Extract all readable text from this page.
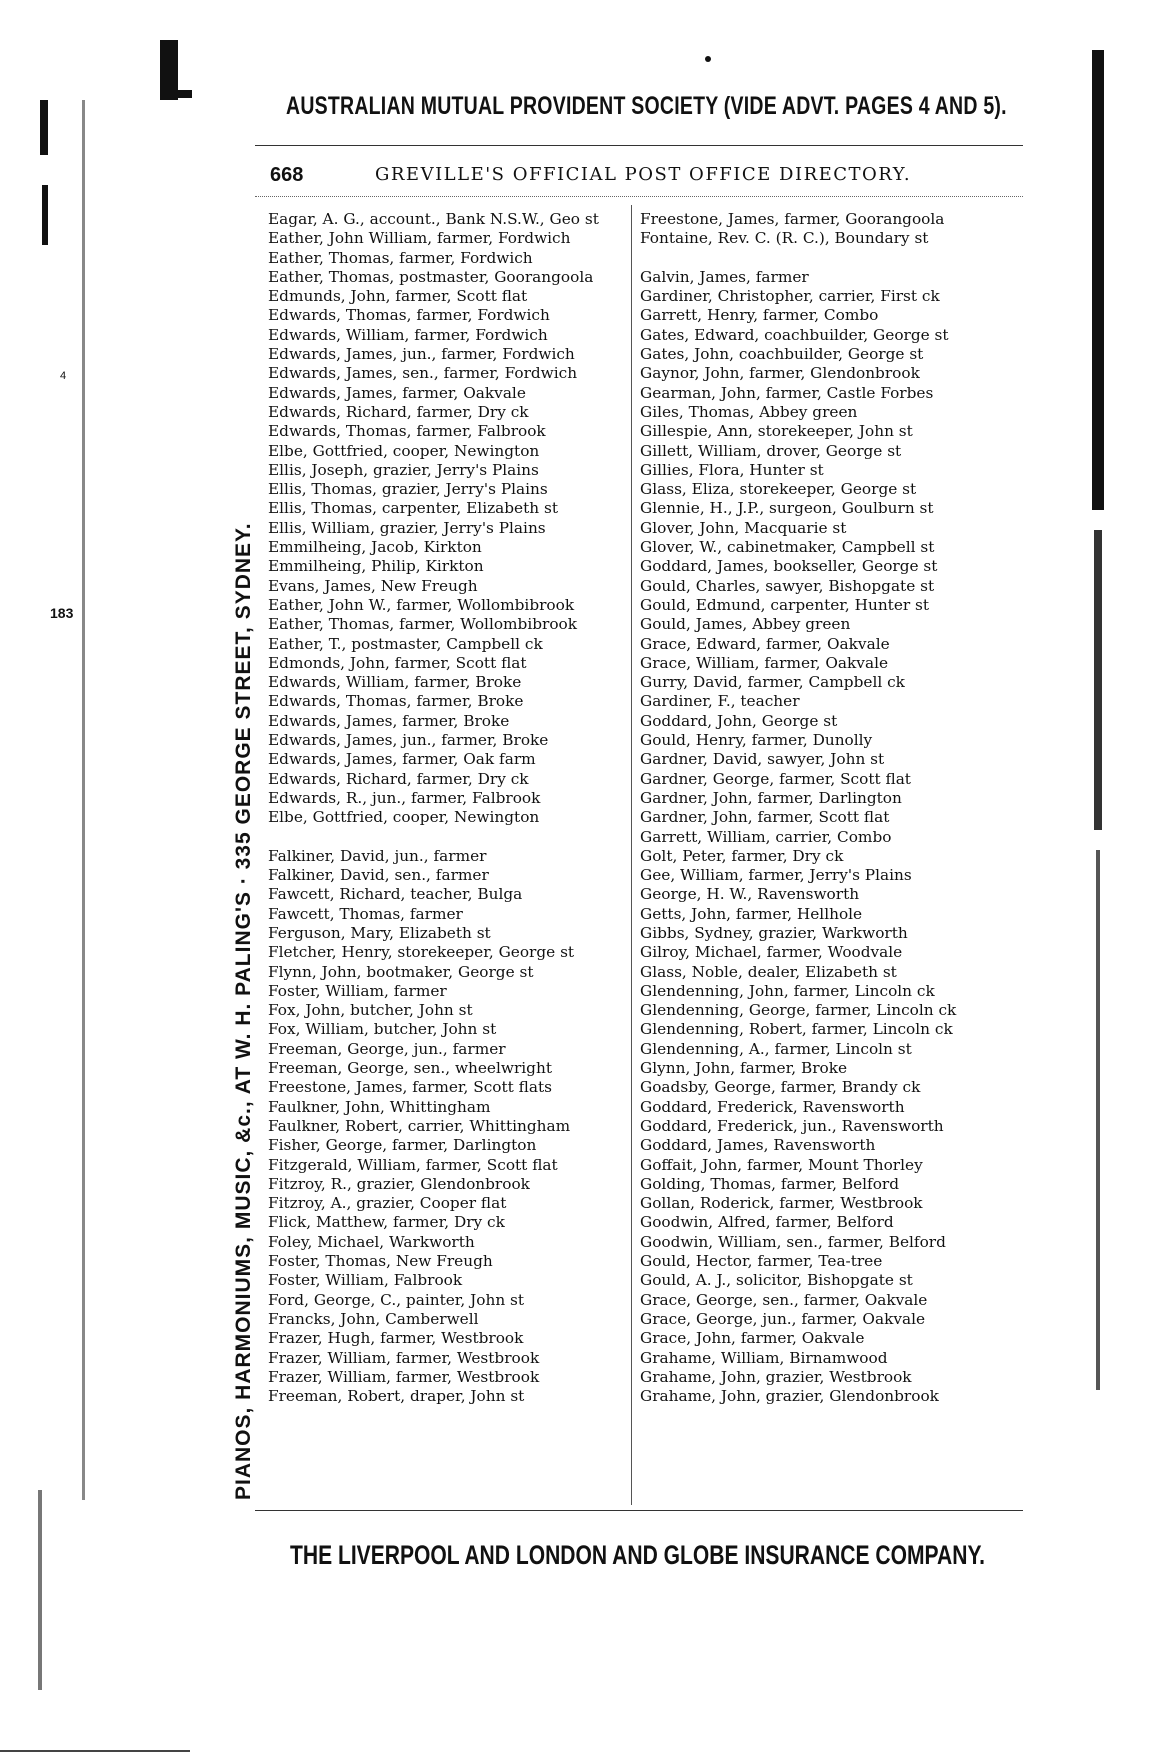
183
4
AUSTRALIAN MUTUAL PROVIDENT SOCIETY (VIDE ADVT. PAGES 4 AND 5).
668	GREVILLE'S OFFICIAL POST OFFICE DIRECTORY.
PIANOS, HARMONIUMS, MUSIC, &c., AT W. H. PALING'S · 335 GEORGE STREET, SYDNEY.
Eagar, A. G., account., Bank N.S.W., Geo st
Eather, John William, farmer, Fordwich
Eather, Thomas, farmer, Fordwich
Eather, Thomas, postmaster, Goorangoola
Edmunds, John, farmer, Scott flat
Edwards, Thomas, farmer, Fordwich
Edwards, William, farmer, Fordwich
Edwards, James, jun., farmer, Fordwich
Edwards, James, sen., farmer, Fordwich
Edwards, James, farmer, Oakvale
Edwards, Richard, farmer, Dry ck
Edwards, Thomas, farmer, Falbrook
Elbe, Gottfried, cooper, Newington
Ellis, Joseph, grazier, Jerry's Plains
Ellis, Thomas, grazier, Jerry's Plains
Ellis, Thomas, carpenter, Elizabeth st
Ellis, William, grazier, Jerry's Plains
Emmilheing, Jacob, Kirkton
Emmilheing, Philip, Kirkton
Evans, James, New Freugh
Eather, John W., farmer, Wollombibrook
Eather, Thomas, farmer, Wollombibrook
Eather, T., postmaster, Campbell ck
Edmonds, John, farmer, Scott flat
Edwards, William, farmer, Broke
Edwards, Thomas, farmer, Broke
Edwards, James, farmer, Broke
Edwards, James, jun., farmer, Broke
Edwards, James, farmer, Oak farm
Edwards, Richard, farmer, Dry ck
Edwards, R., jun., farmer, Falbrook
Elbe, Gottfried, cooper, Newington
Falkiner, David, jun., farmer
Falkiner, David, sen., farmer
Fawcett, Richard, teacher, Bulga
Fawcett, Thomas, farmer
Ferguson, Mary, Elizabeth st
Fletcher, Henry, storekeeper, George st
Flynn, John, bootmaker, George st
Foster, William, farmer
Fox, John, butcher, John st
Fox, William, butcher, John st
Freeman, George, jun., farmer
Freeman, George, sen., wheelwright
Freestone, James, farmer, Scott flats
Faulkner, John, Whittingham
Faulkner, Robert, carrier, Whittingham
Fisher, George, farmer, Darlington
Fitzgerald, William, farmer, Scott flat
Fitzroy, R., grazier, Glendonbrook
Fitzroy, A., grazier, Cooper flat
Flick, Matthew, farmer, Dry ck
Foley, Michael, Warkworth
Foster, Thomas, New Freugh
Foster, William, Falbrook
Ford, George, C., painter, John st
Francks, John, Camberwell
Frazer, Hugh, farmer, Westbrook
Frazer, William, farmer, Westbrook
Frazer, William, farmer, Westbrook
Freeman, Robert, draper, John st
Freestone, James, farmer, Goorangoola
Fontaine, Rev. C. (R. C.), Boundary st
Galvin, James, farmer
Gardiner, Christopher, carrier, First ck
Garrett, Henry, farmer, Combo
Gates, Edward, coachbuilder, George st
Gates, John, coachbuilder, George st
Gaynor, John, farmer, Glendonbrook
Gearman, John, farmer, Castle Forbes
Giles, Thomas, Abbey green
Gillespie, Ann, storekeeper, John st
Gillett, William, drover, George st
Gillies, Flora, Hunter st
Glass, Eliza, storekeeper, George st
Glennie, H., J.P., surgeon, Goulburn st
Glover, John, Macquarie st
Glover, W., cabinetmaker, Campbell st
Goddard, James, bookseller, George st
Gould, Charles, sawyer, Bishopgate st
Gould, Edmund, carpenter, Hunter st
Gould, James, Abbey green
Grace, Edward, farmer, Oakvale
Grace, William, farmer, Oakvale
Gurry, David, farmer, Campbell ck
Gardiner, F., teacher
Goddard, John, George st
Gould, Henry, farmer, Dunolly
Gardner, David, sawyer, John st
Gardner, George, farmer, Scott flat
Gardner, John, farmer, Darlington
Gardner, John, farmer, Scott flat
Garrett, William, carrier, Combo
Golt, Peter, farmer, Dry ck
Gee, William, farmer, Jerry's Plains
George, H. W., Ravensworth
Getts, John, farmer, Hellhole
Gibbs, Sydney, grazier, Warkworth
Gilroy, Michael, farmer, Woodvale
Glass, Noble, dealer, Elizabeth st
Glendenning, John, farmer, Lincoln ck
Glendenning, George, farmer, Lincoln ck
Glendenning, Robert, farmer, Lincoln ck
Glendenning, A., farmer, Lincoln st
Glynn, John, farmer, Broke
Goadsby, George, farmer, Brandy ck
Goddard, Frederick, Ravensworth
Goddard, Frederick, jun., Ravensworth
Goddard, James, Ravensworth
Goffait, John, farmer, Mount Thorley
Golding, Thomas, farmer, Belford
Gollan, Roderick, farmer, Westbrook
Goodwin, Alfred, farmer, Belford
Goodwin, William, sen., farmer, Belford
Gould, Hector, farmer, Tea-tree
Gould, A. J., solicitor, Bishopgate st
Grace, George, sen., farmer, Oakvale
Grace, George, jun., farmer, Oakvale
Grace, John, farmer, Oakvale
Grahame, William, Birnamwood
Grahame, John, grazier, Westbrook
Grahame, John, grazier, Glendonbrook
THE LIVERPOOL AND LONDON AND GLOBE INSURANCE COMPANY.
